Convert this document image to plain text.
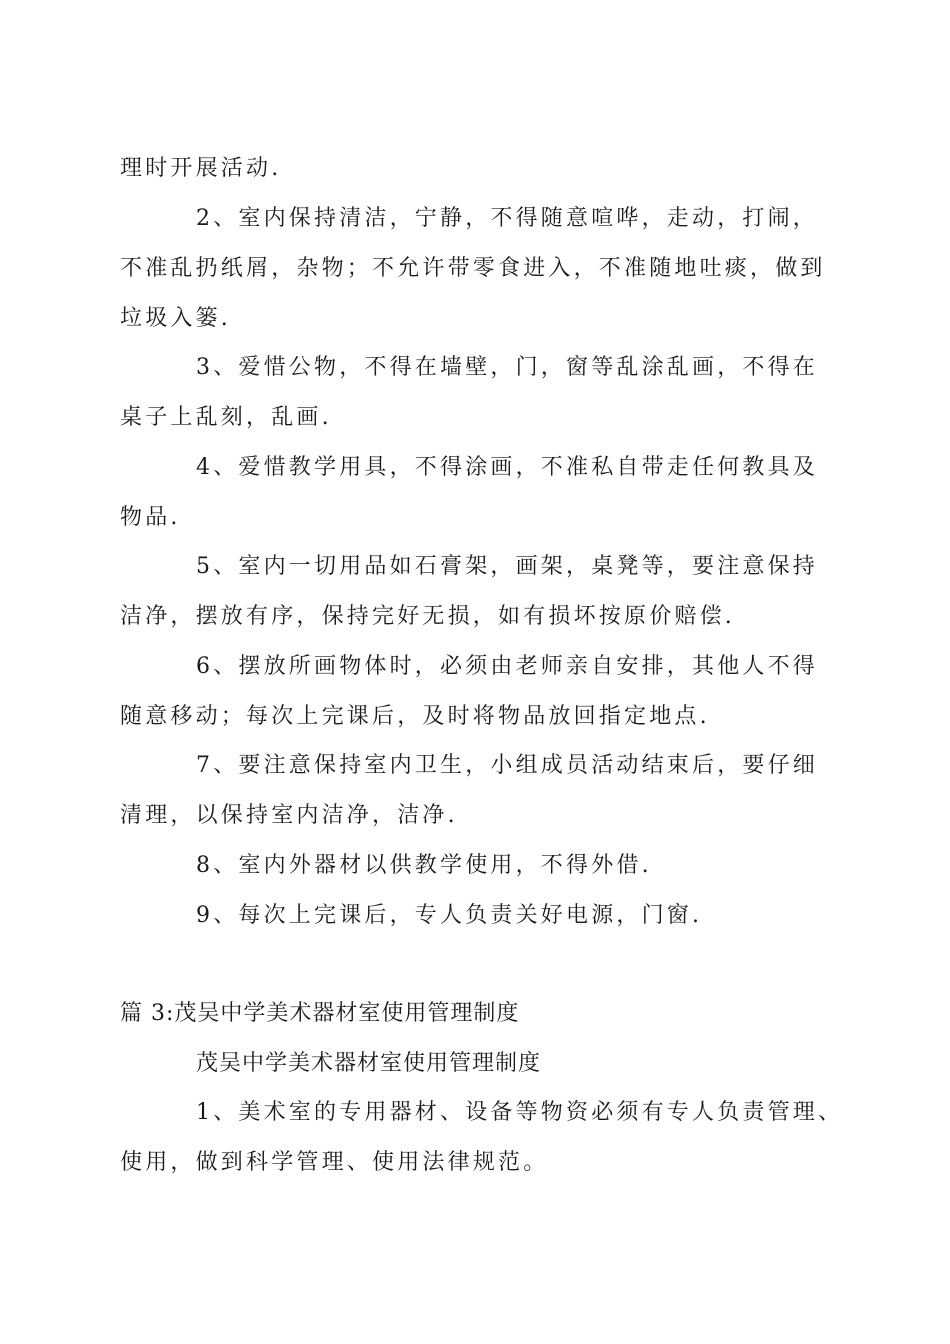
理时开展活动.
2、室内保持清洁，宁静，不得随意喧哗，走动，打闹，
不准乱扔纸屑，杂物；不允许带零食进入，不准随地吐痰，做到
垃圾入篓.
3、爱惜公物，不得在墙壁，门，窗等乱涂乱画，不得在
桌子上乱刻，乱画.
4、爱惜教学用具，不得涂画，不准私自带走任何教具及
物品.
5、室内一切用品如石膏架，画架，桌凳等，要注意保持
洁净，摆放有序，保持完好无损，如有损坏按原价赔偿.
6、摆放所画物体时，必须由老师亲自安排，其他人不得
随意移动；每次上完课后，及时将物品放回指定地点.
7、要注意保持室内卫生，小组成员活动结束后，要仔细
清理，以保持室内洁净，洁净.
8、室内外器材以供教学使用，不得外借.
9、每次上完课后，专人负责关好电源，门窗.
篇 3:茂吴中学美术器材室使用管理制度
茂吴中学美术器材室使用管理制度
1、美术室的专用器材、设备等物资必须有专人负责管理、
使用，做到科学管理、使用法律规范。
